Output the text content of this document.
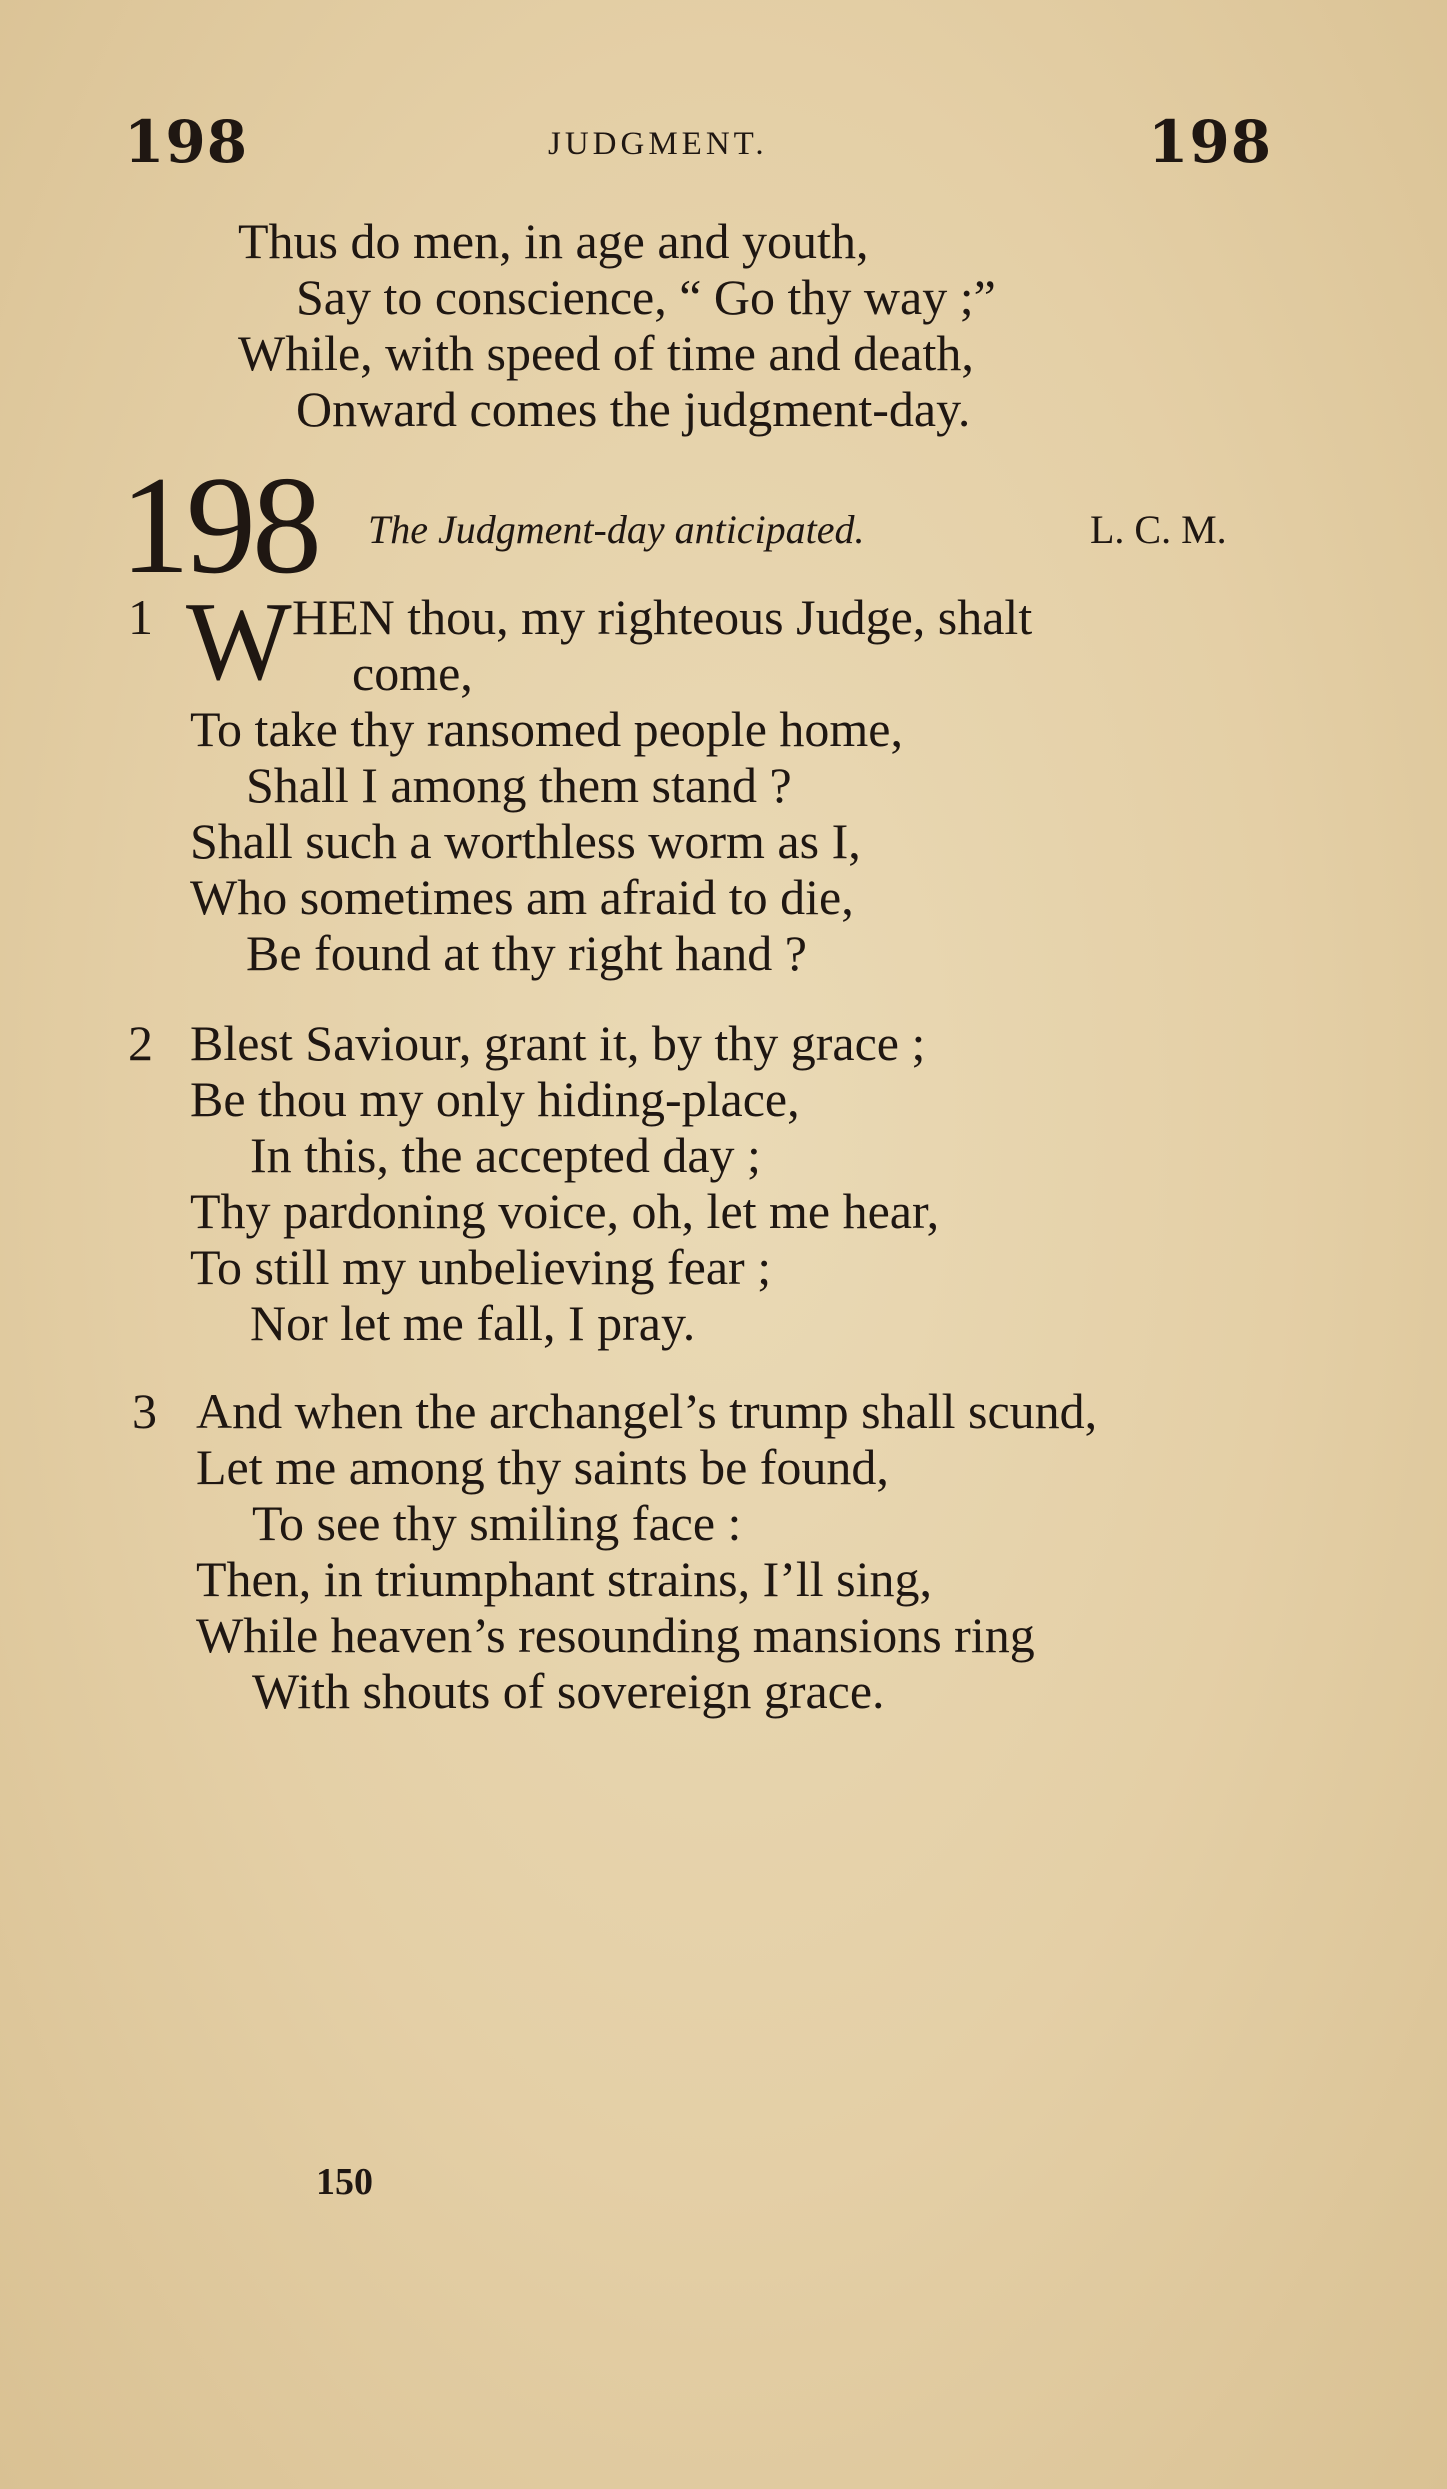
198	JUDGMENT.	198
Thus do men, in age and youth,
Say to conscience, “ Go thy way ;”
While, with speed of time and death,
Onward comes the judgment-day.
198 The Judgment-day anticipated.	L. C. M.
1 W HEN thou, my righteous Judge, shalt
come,
To take thy ransomed people home,
Shall I among them stand ?
Shall such a worthless worm as I,
Who sometimes am afraid to die,
Be found at thy right hand ?
2 Blest Saviour, grant it, by thy grace ;
Be thou my only hiding-place,
In this, the accepted day ;
Thy pardoning voice, oh, let me hear,
To still my unbelieving fear ;
Nor let me fall, I pray.
3 And when the archangel’s trump shall scund,
Let me among thy saints be found,
To see thy smiling face :
Then, in triumphant strains, I’ll sing,
While heaven’s resounding mansions ring
With shouts of sovereign grace.
150
